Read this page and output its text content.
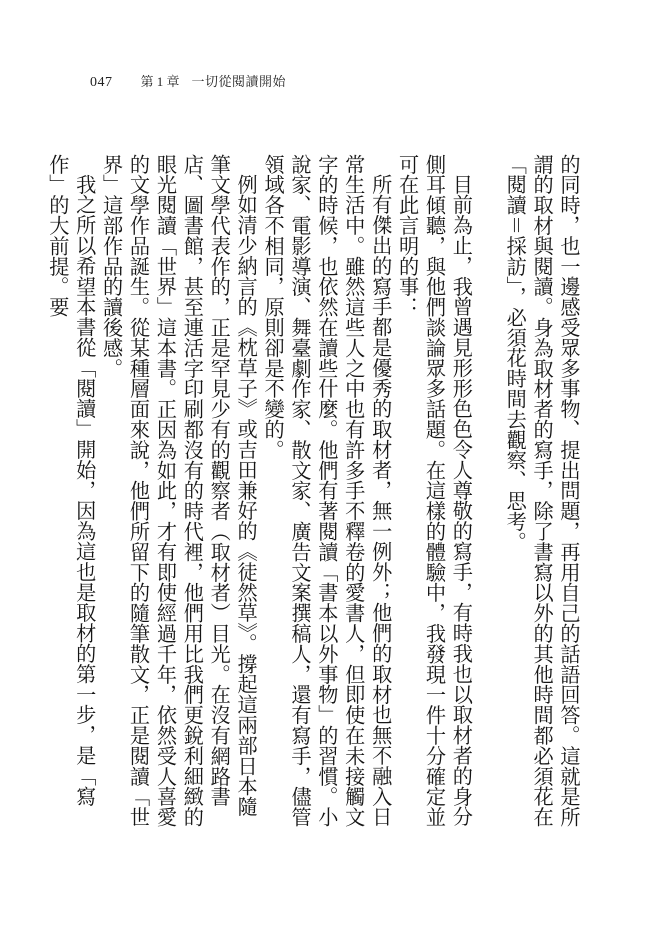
047 第 1 章 一切從閱讀開始

的同時，也一邊感受眾多事物、提出問題，再用自己的話語回答。這就是所謂的取材與閱讀。身為取材者的寫手，除了書寫以外的其他時間都必須花在「閱讀＝採訪」，必須花時間去觀察、思考。

目前為止，我曾遇見形形色色令人尊敬的寫手，有時我也以取材者的身分側耳傾聽，與他們談論眾多話題。在這樣的體驗中，我發現一件十分確定並可在此言明的事：

所有傑出的寫手都是優秀的取材者，無一例外；他們的取材也無不融入日常生活中。雖然這些人之中也有許多手不釋卷的愛書人，但即使在未接觸文字的時候，也依然在讀些什麼。他們有著閱讀「書本以外事物」的習慣。小說家、電影導演、舞臺劇作家、散文家、廣告文案撰稿人，還有寫手，儘管領域各不相同，原則卻是不變的。

例如清少納言的《枕草子》或吉田兼好的《徒然草》。撐起這兩部日本隨筆文學代表作的，正是罕見少有的觀察者（取材者）目光。在沒有網路書店、圖書館，甚至連活字印刷都沒有的時代裡，他們用比我們更銳利細緻的眼光閱讀「世界」這本書。正因為如此，才有即使經過千年，依然受人喜愛的文學作品誕生。從某種層面來說，他們所留下的隨筆散文，正是閱讀「世界」這部作品的讀後感。

我之所以希望本書從「閱讀」開始，因為這也是取材的第一步，是「寫作」的大前提。要
